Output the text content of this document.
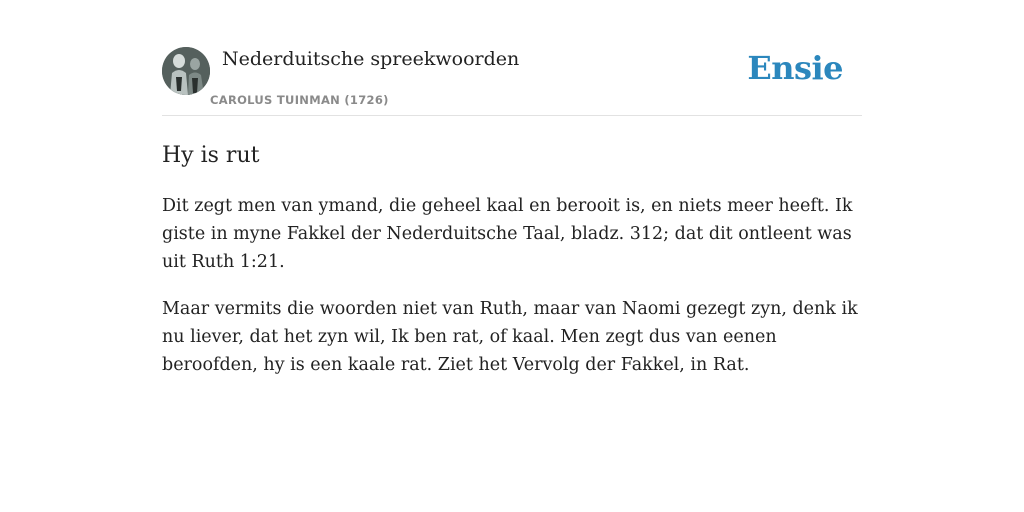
Nederduitsche spreekwoorden
CAROLUS TUINMAN (1726)
Ensie
Hy is rut

Dit zegt men van ymand, die geheel kaal en berooit is, en niets meer heeft. Ik giste in myne Fakkel der Nederduitsche Taal, bladz. 312; dat dit ontleent was uit Ruth 1:21.

Maar vermits die woorden niet van Ruth, maar van Naomi gezegt zyn, denk ik nu liever, dat het zyn wil, Ik ben rat, of kaal. Men zegt dus van eenen beroofden, hy is een kaale rat. Ziet het Vervolg der Fakkel, in Rat.
